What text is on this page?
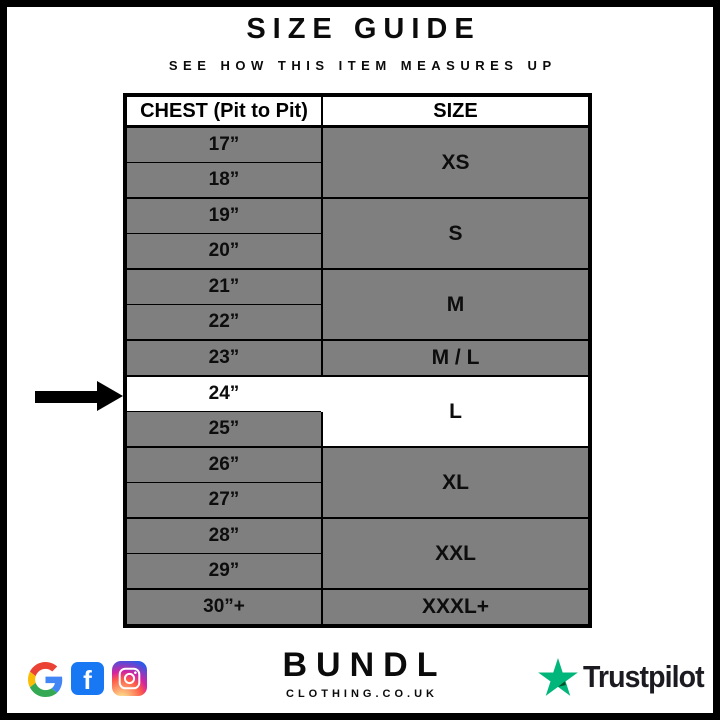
SIZE GUIDE
SEE HOW THIS ITEM MEASURES UP
CHEST (Pit to Pit)	SIZE
17”	XS
18”	
19”	S
20”	
21”	M
22”	
23”	M / L
24”	L
25”	
26”	XL
27”	
28”	XXL
29”	
30”+	XXXL+
f	BUNDL
CLOTHING.CO.UK	Trustpilot
